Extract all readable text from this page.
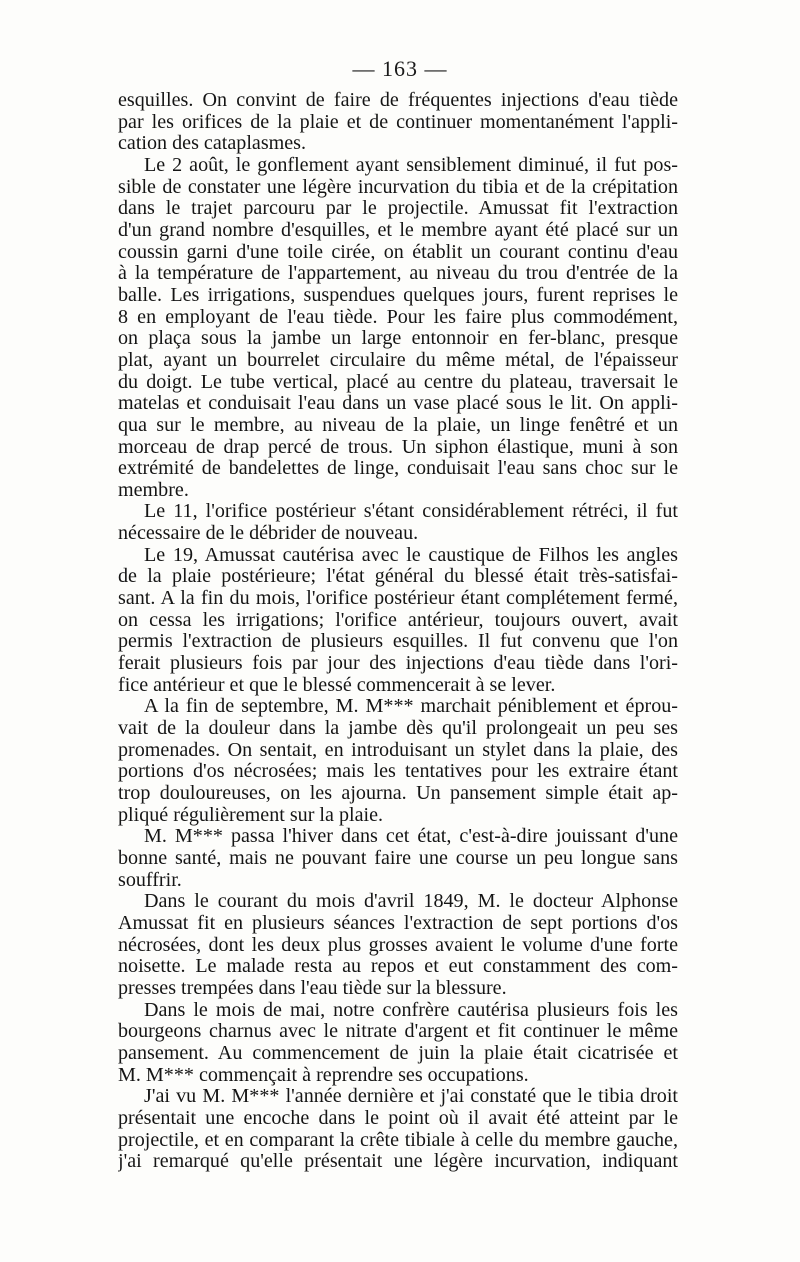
— 163 —
esquilles. On convint de faire de fréquentes injections d'eau tiède
par les orifices de la plaie et de continuer momentanément l'appli-
cation des cataplasmes.
Le 2 août, le gonflement ayant sensiblement diminué, il fut pos-
sible de constater une légère incurvation du tibia et de la crépitation
dans le trajet parcouru par le projectile. Amussat fit l'extraction
d'un grand nombre d'esquilles, et le membre ayant été placé sur un
coussin garni d'une toile cirée, on établit un courant continu d'eau
à la température de l'appartement, au niveau du trou d'entrée de la
balle. Les irrigations, suspendues quelques jours, furent reprises le
8 en employant de l'eau tiède. Pour les faire plus commodément,
on plaça sous la jambe un large entonnoir en fer-blanc, presque
plat, ayant un bourrelet circulaire du même métal, de l'épaisseur
du doigt. Le tube vertical, placé au centre du plateau, traversait le
matelas et conduisait l'eau dans un vase placé sous le lit. On appli-
qua sur le membre, au niveau de la plaie, un linge fenêtré et un
morceau de drap percé de trous. Un siphon élastique, muni à son
extrémité de bandelettes de linge, conduisait l'eau sans choc sur le
membre.
Le 11, l'orifice postérieur s'étant considérablement rétréci, il fut
nécessaire de le débrider de nouveau.
Le 19, Amussat cautérisa avec le caustique de Filhos les angles
de la plaie postérieure; l'état général du blessé était très-satisfai-
sant. A la fin du mois, l'orifice postérieur étant complétement fermé,
on cessa les irrigations; l'orifice antérieur, toujours ouvert, avait
permis l'extraction de plusieurs esquilles. Il fut convenu que l'on
ferait plusieurs fois par jour des injections d'eau tiède dans l'ori-
fice antérieur et que le blessé commencerait à se lever.
A la fin de septembre, M. M*** marchait péniblement et éprou-
vait de la douleur dans la jambe dès qu'il prolongeait un peu ses
promenades. On sentait, en introduisant un stylet dans la plaie, des
portions d'os nécrosées; mais les tentatives pour les extraire étant
trop douloureuses, on les ajourna. Un pansement simple était ap-
pliqué régulièrement sur la plaie.
M. M*** passa l'hiver dans cet état, c'est-à-dire jouissant d'une
bonne santé, mais ne pouvant faire une course un peu longue sans
souffrir.
Dans le courant du mois d'avril 1849, M. le docteur Alphonse
Amussat fit en plusieurs séances l'extraction de sept portions d'os
nécrosées, dont les deux plus grosses avaient le volume d'une forte
noisette. Le malade resta au repos et eut constamment des com-
presses trempées dans l'eau tiède sur la blessure.
Dans le mois de mai, notre confrère cautérisa plusieurs fois les
bourgeons charnus avec le nitrate d'argent et fit continuer le même
pansement. Au commencement de juin la plaie était cicatrisée et
M. M*** commençait à reprendre ses occupations.
J'ai vu M. M*** l'année dernière et j'ai constaté que le tibia droit
présentait une encoche dans le point où il avait été atteint par le
projectile, et en comparant la crête tibiale à celle du membre gauche,
j'ai remarqué qu'elle présentait une légère incurvation, indiquant
